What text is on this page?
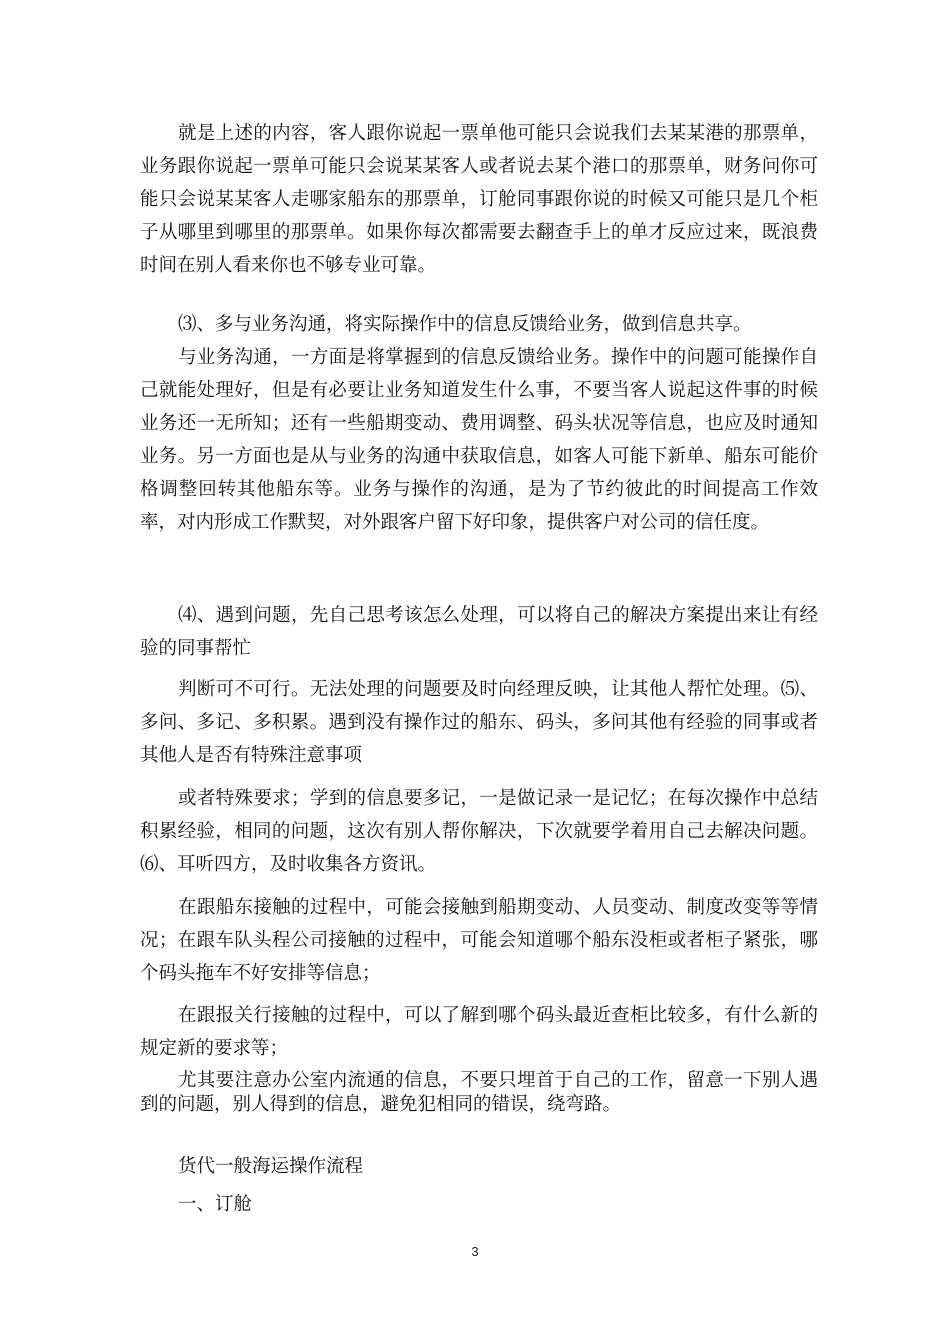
就是上述的内容，客人跟你说起一票单他可能只会说我们去某某港的那票单，业务跟你说起一票单可能只会说某某客人或者说去某个港口的那票单，财务问你可能只会说某某客人走哪家船东的那票单，订舱同事跟你说的时候又可能只是几个柜子从哪里到哪里的那票单。如果你每次都需要去翻查手上的单才反应过来，既浪费时间在别人看来你也不够专业可靠。

⑶、多与业务沟通，将实际操作中的信息反馈给业务，做到信息共享。

与业务沟通，一方面是将掌握到的信息反馈给业务。操作中的问题可能操作自己就能处理好，但是有必要让业务知道发生什么事，不要当客人说起这件事的时候业务还一无所知；还有一些船期变动、费用调整、码头状况等信息，也应及时通知业务。另一方面也是从与业务的沟通中获取信息，如客人可能下新单、船东可能价格调整回转其他船东等。业务与操作的沟通，是为了节约彼此的时间提高工作效率，对内形成工作默契，对外跟客户留下好印象，提供客户对公司的信任度。

⑷、遇到问题，先自己思考该怎么处理，可以将自己的解决方案提出来让有经验的同事帮忙

判断可不可行。无法处理的问题要及时向经理反映，让其他人帮忙处理。⑸、多问、多记、多积累。遇到没有操作过的船东、码头，多问其他有经验的同事或者其他人是否有特殊注意事项

或者特殊要求；学到的信息要多记，一是做记录一是记忆；在每次操作中总结积累经验，相同的问题，这次有别人帮你解决，下次就要学着用自己去解决问题。⑹、耳听四方，及时收集各方资讯。

在跟船东接触的过程中，可能会接触到船期变动、人员变动、制度改变等等情况；在跟车队头程公司接触的过程中，可能会知道哪个船东没柜或者柜子紧张，哪个码头拖车不好安排等信息；

在跟报关行接触的过程中，可以了解到哪个码头最近查柜比较多，有什么新的规定新的要求等；

尤其要注意办公室内流通的信息，不要只埋首于自己的工作，留意一下别人遇到的问题，别人得到的信息，避免犯相同的错误，绕弯路。

货代一般海运操作流程

一、订舱

3
